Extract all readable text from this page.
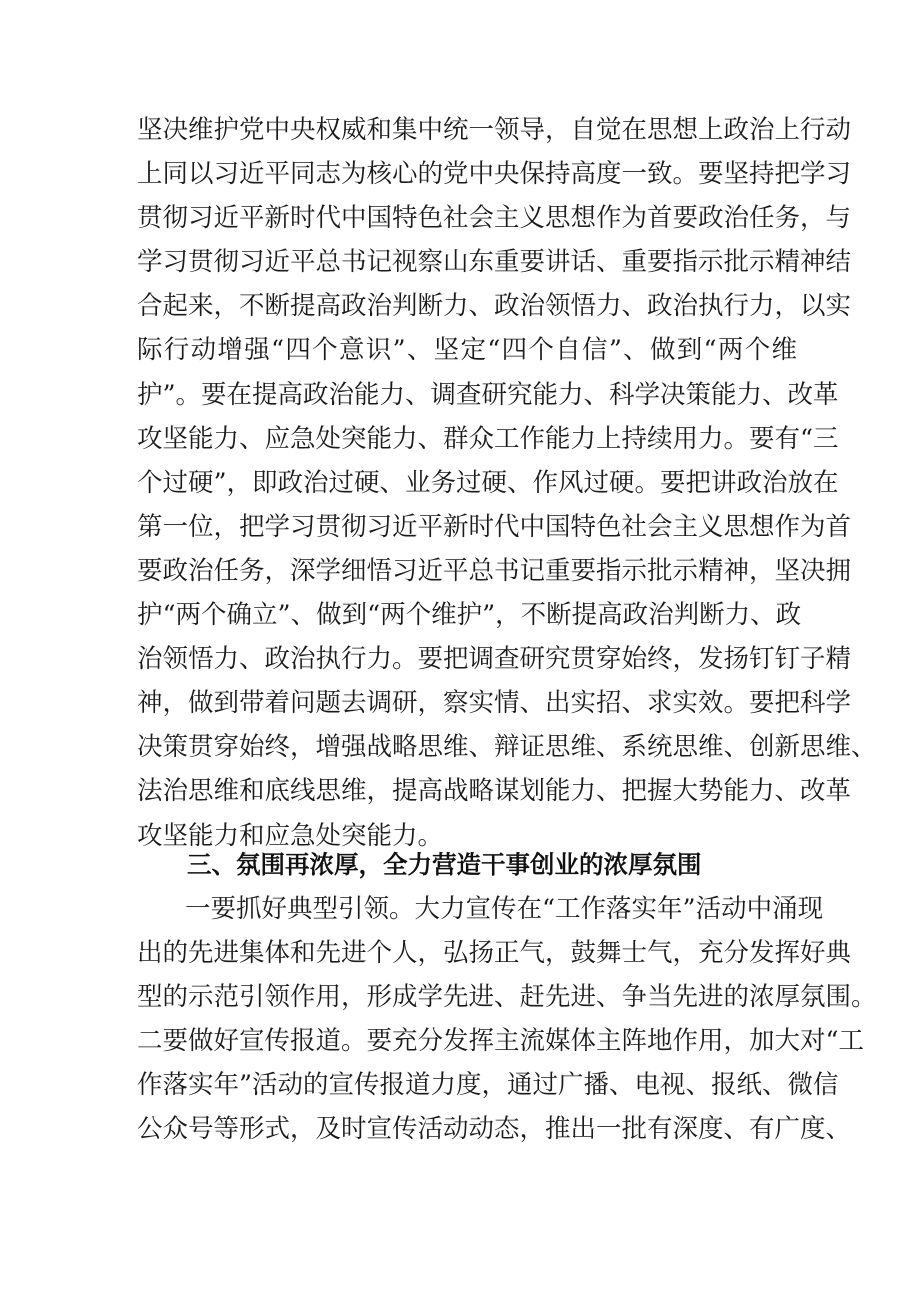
坚决维护党中央权威和集中统一领导，自觉在思想上政治上行动
上同以习近平同志为核心的党中央保持高度一致。要坚持把学习
贯彻习近平新时代中国特色社会主义思想作为首要政治任务，与
学习贯彻习近平总书记视察山东重要讲话、重要指示批示精神结
合起来，不断提高政治判断力、政治领悟力、政治执行力，以实
际行动增强“四个意识”、坚定“四个自信”、做到“两个维
护”。要在提高政治能力、调查研究能力、科学决策能力、改革
攻坚能力、应急处突能力、群众工作能力上持续用力。要有“三
个过硬”，即政治过硬、业务过硬、作风过硬。要把讲政治放在
第一位，把学习贯彻习近平新时代中国特色社会主义思想作为首
要政治任务，深学细悟习近平总书记重要指示批示精神，坚决拥
护“两个确立”、做到“两个维护”，不断提高政治判断力、政
治领悟力、政治执行力。要把调查研究贯穿始终，发扬钉钉子精
神，做到带着问题去调研，察实情、出实招、求实效。要把科学
决策贯穿始终，增强战略思维、辩证思维、系统思维、创新思维、
法治思维和底线思维，提高战略谋划能力、把握大势能力、改革
攻坚能力和应急处突能力。
三、氛围再浓厚，全力营造干事创业的浓厚氛围
一要抓好典型引领。大力宣传在“工作落实年”活动中涌现
出的先进集体和先进个人，弘扬正气，鼓舞士气，充分发挥好典
型的示范引领作用，形成学先进、赶先进、争当先进的浓厚氛围。
二要做好宣传报道。要充分发挥主流媒体主阵地作用，加大对“工
作落实年”活动的宣传报道力度，通过广播、电视、报纸、微信
公众号等形式，及时宣传活动动态，推出一批有深度、有广度、
